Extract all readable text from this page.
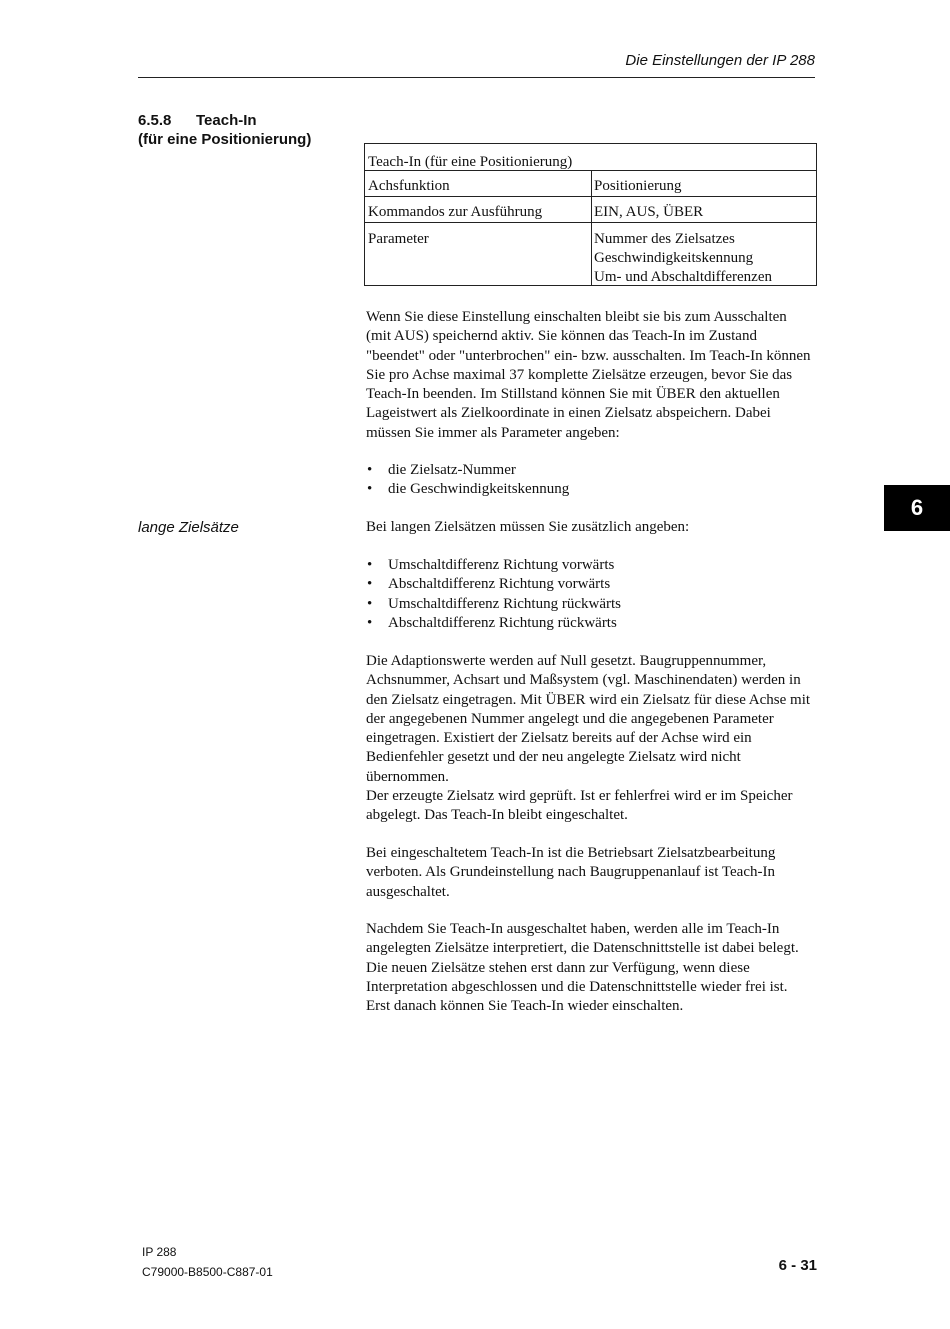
Die Einstellungen der IP 288
6.5.8 Teach-In
(für eine Positionierung)
Teach-In (für eine Positionierung)
Achsfunktion	Positionierung
Kommandos zur Ausführung	EIN, AUS, ÜBER
Parameter	Nummer des Zielsatzes
Geschwindigkeitskennung
Um- und Abschaltdifferenzen

Wenn Sie diese Einstellung einschalten bleibt sie bis zum Ausschalten (mit AUS) speichernd aktiv. Sie können das Teach-In im Zustand "beendet" oder "unterbrochen" ein- bzw. ausschalten. Im Teach-In können Sie pro Achse maximal 37 komplette Zielsätze erzeugen, bevor Sie das Teach-In beenden. Im Stillstand können Sie mit ÜBER den aktuellen Lageistwert als Zielkoordinate in einen Zielsatz abspeichern. Dabei müssen Sie immer als Parameter angeben:

• die Zielsatz-Nummer
• die Geschwindigkeitskennung
lange Zielsätze
6

Bei langen Zielsätzen müssen Sie zusätzlich angeben:

• Umschaltdifferenz Richtung vorwärts
• Abschaltdifferenz Richtung vorwärts
• Umschaltdifferenz Richtung rückwärts
• Abschaltdifferenz Richtung rückwärts

Die Adaptionswerte werden auf Null gesetzt. Baugruppennummer, Achsnummer, Achsart und Maßsystem (vgl. Maschinendaten) werden in den Zielsatz eingetragen. Mit ÜBER wird ein Zielsatz für diese Achse mit der angegebenen Nummer angelegt und die angegebenen Parameter eingetragen. Existiert der Zielsatz bereits auf der Achse wird ein Bedienfehler gesetzt und der neu angelegte Zielsatz wird nicht übernommen.

Der erzeugte Zielsatz wird geprüft. Ist er fehlerfrei wird er im Speicher abgelegt. Das Teach-In bleibt eingeschaltet.

Bei eingeschaltetem Teach-In ist die Betriebsart Zielsatzbearbeitung verboten. Als Grundeinstellung nach Baugruppenanlauf ist Teach-In ausgeschaltet.

Nachdem Sie Teach-In ausgeschaltet haben, werden alle im Teach-In angelegten Zielsätze interpretiert, die Datenschnittstelle ist dabei belegt. Die neuen Zielsätze stehen erst dann zur Verfügung, wenn diese Interpretation abgeschlossen und die Datenschnittstelle wieder frei ist. Erst danach können Sie Teach-In wieder einschalten.

IP 288
C79000-B8500-C887-01	6 - 31
